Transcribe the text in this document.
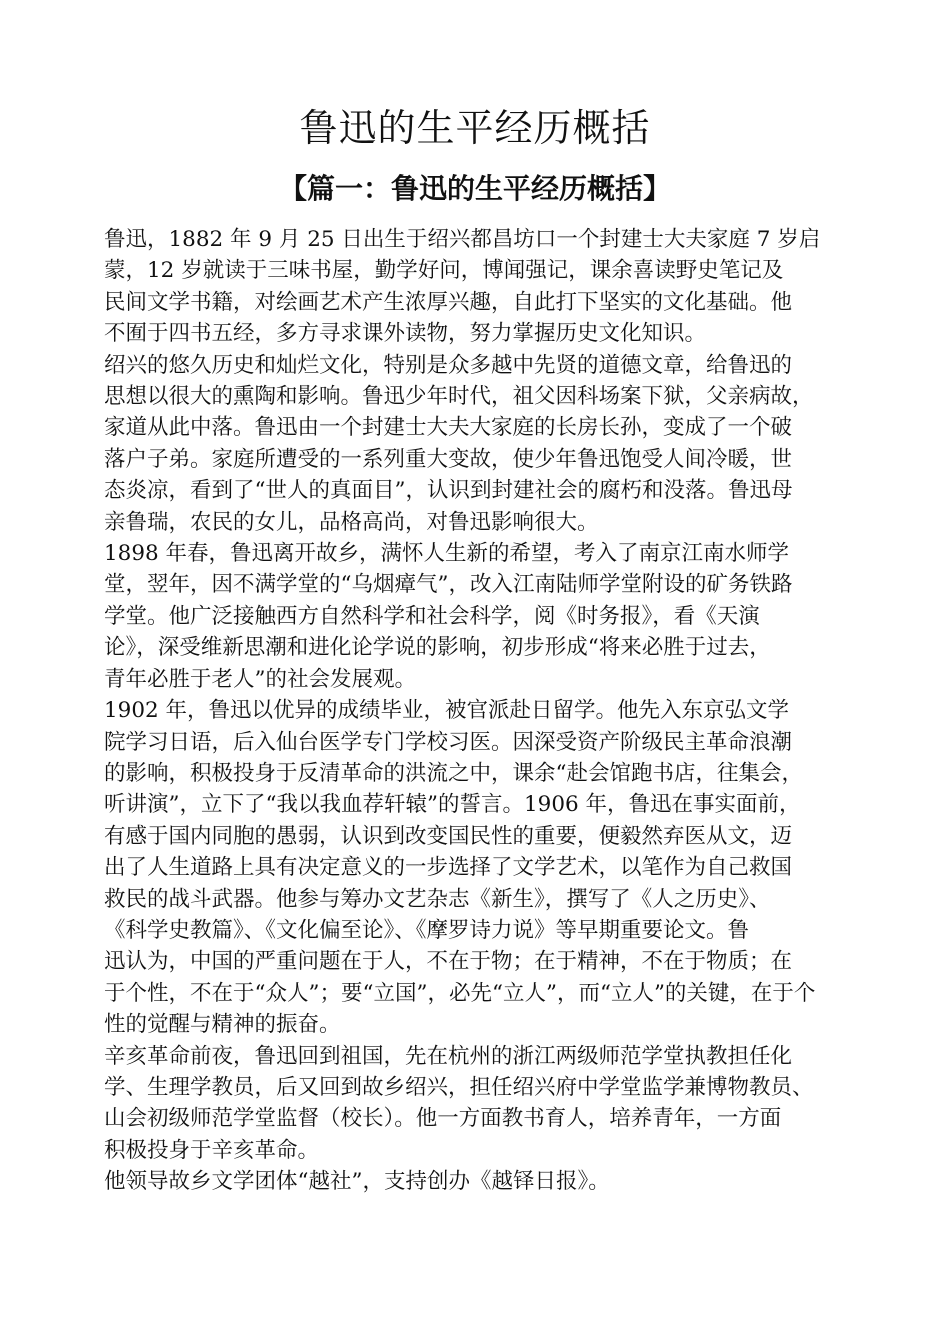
鲁迅的生平经历概括
【篇一：鲁迅的生平经历概括】

鲁迅，1882 年 9 月 25 日出生于绍兴都昌坊口一个封建士大夫家庭 7 岁启

蒙，12 岁就读于三味书屋，勤学好问，博闻强记，课余喜读野史笔记及

民间文学书籍，对绘画艺术产生浓厚兴趣，自此打下坚实的文化基础。他

不囿于四书五经，多方寻求课外读物，努力掌握历史文化知识。

绍兴的悠久历史和灿烂文化，特别是众多越中先贤的道德文章，给鲁迅的

思想以很大的熏陶和影响。鲁迅少年时代，祖父因科场案下狱，父亲病故，

家道从此中落。鲁迅由一个封建士大夫大家庭的长房长孙，变成了一个破

落户子弟。家庭所遭受的一系列重大变故，使少年鲁迅饱受人间冷暖，世

态炎凉，看到了“世人的真面目”，认识到封建社会的腐朽和没落。鲁迅母

亲鲁瑞，农民的女儿，品格高尚，对鲁迅影响很大。

1898 年春，鲁迅离开故乡，满怀人生新的希望，考入了南京江南水师学

堂，翌年，因不满学堂的“乌烟瘴气”，改入江南陆师学堂附设的矿务铁路

学堂。他广泛接触西方自然科学和社会科学，阅《时务报》，看《天演

论》，深受维新思潮和进化论学说的影响，初步形成“将来必胜于过去，

青年必胜于老人”的社会发展观。

1902 年，鲁迅以优异的成绩毕业，被官派赴日留学。他先入东京弘文学

院学习日语，后入仙台医学专门学校习医。因深受资产阶级民主革命浪潮

的影响，积极投身于反清革命的洪流之中，课余“赴会馆跑书店，往集会，

听讲演”，立下了“我以我血荐轩辕”的誓言。1906 年，鲁迅在事实面前，

有感于国内同胞的愚弱，认识到改变国民性的重要，便毅然弃医从文，迈

出了人生道路上具有决定意义的一步选择了文学艺术，以笔作为自己救国

救民的战斗武器。他参与筹办文艺杂志《新生》，撰写了《人之历史》、

《科学史教篇》、《文化偏至论》、《摩罗诗力说》等早期重要论文。鲁

迅认为，中国的严重问题在于人，不在于物；在于精神，不在于物质；在

于个性，不在于“众人”；要“立国”，必先“立人”，而“立人”的关键，在于个

性的觉醒与精神的振奋。

辛亥革命前夜，鲁迅回到祖国，先在杭州的浙江两级师范学堂执教担任化

学、生理学教员，后又回到故乡绍兴，担任绍兴府中学堂监学兼博物教员、

山会初级师范学堂监督（校长）。他一方面教书育人，培养青年，一方面

积极投身于辛亥革命。

他领导故乡文学团体“越社”，支持创办《越铎日报》。
